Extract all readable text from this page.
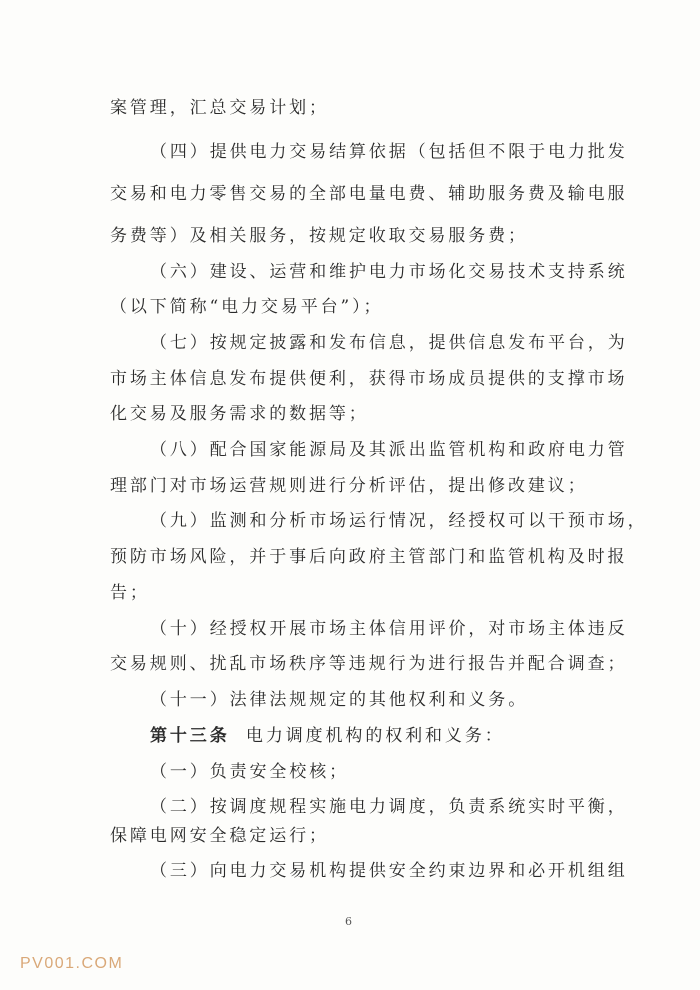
案管理，汇总交易计划；
（四）提供电力交易结算依据（包括但不限于电力批发
交易和电力零售交易的全部电量电费、辅助服务费及输电服
务费等）及相关服务，按规定收取交易服务费；
（六）建设、运营和维护电力市场化交易技术支持系统
（以下简称“电力交易平台”）；
（七）按规定披露和发布信息，提供信息发布平台，为
市场主体信息发布提供便利，获得市场成员提供的支撑市场
化交易及服务需求的数据等；
（八）配合国家能源局及其派出监管机构和政府电力管
理部门对市场运营规则进行分析评估，提出修改建议；
（九）监测和分析市场运行情况，经授权可以干预市场，
预防市场风险，并于事后向政府主管部门和监管机构及时报
告；
（十）经授权开展市场主体信用评价，对市场主体违反
交易规则、扰乱市场秩序等违规行为进行报告并配合调查；
（十一）法律法规规定的其他权利和义务。
第十三条 电力调度机构的权利和义务：
（一）负责安全校核；
（二）按调度规程实施电力调度，负责系统实时平衡，
保障电网安全稳定运行；
（三）向电力交易机构提供安全约束边界和必开机组组
6
PV001.COM
